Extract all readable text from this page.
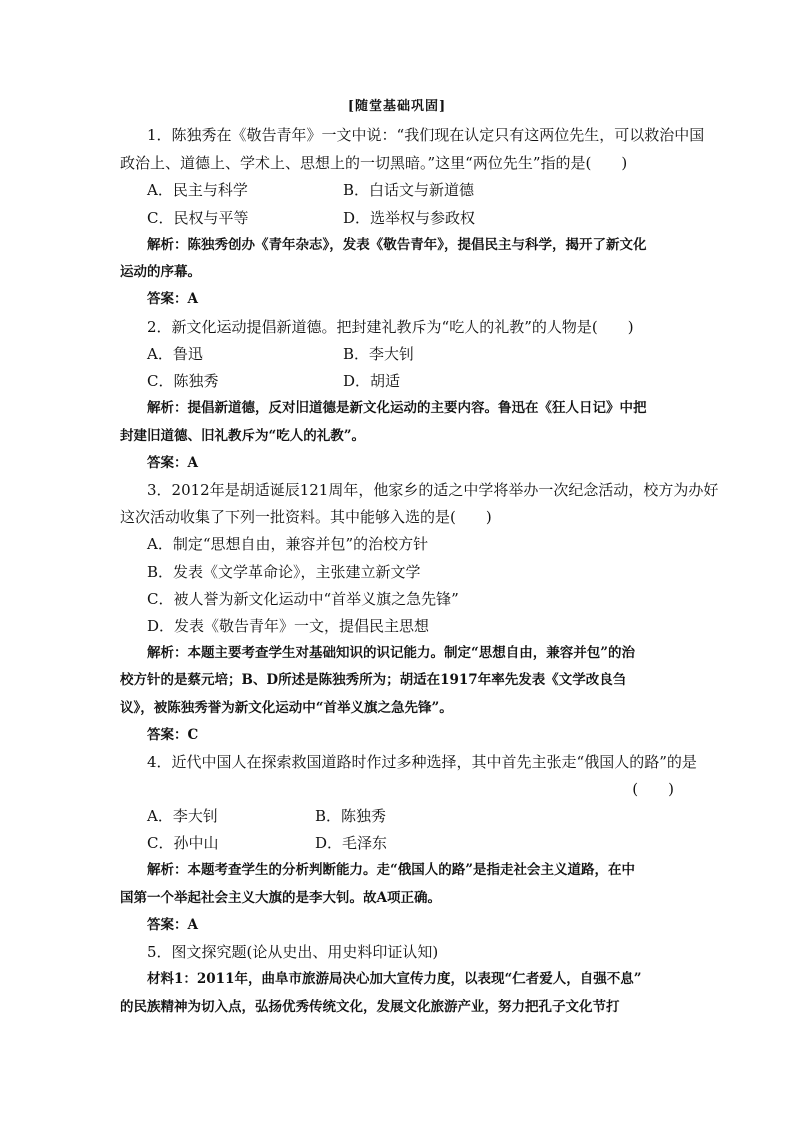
[随堂基础巩固]
1．陈独秀在《敬告青年》一文中说：“我们现在认定只有这两位先生，可以救治中国
政治上、道德上、学术上、思想上的一切黑暗。”这里“两位先生”指的是(　　)
A．民主与科学	B．白话文与新道德
C．民权与平等	D．选举权与参政权
解析：陈独秀创办《青年杂志》，发表《敬告青年》，提倡民主与科学，揭开了新文化
运动的序幕。
答案：A
2．新文化运动提倡新道德。把封建礼教斥为“吃人的礼教”的人物是(　　)
A．鲁迅	B．李大钊
C．陈独秀	D．胡适
解析：提倡新道德，反对旧道德是新文化运动的主要内容。鲁迅在《狂人日记》中把
封建旧道德、旧礼教斥为“吃人的礼教”。
答案：A
3．2012年是胡适诞辰121周年，他家乡的适之中学将举办一次纪念活动，校方为办好
这次活动收集了下列一批资料。其中能够入选的是(　　)
A．制定“思想自由，兼容并包”的治校方针
B．发表《文学革命论》，主张建立新文学
C．被人誉为新文化运动中“首举义旗之急先锋”
D．发表《敬告青年》一文，提倡民主思想
解析：本题主要考查学生对基础知识的识记能力。制定“思想自由，兼容并包”的治
校方针的是蔡元培；B、D所述是陈独秀所为；胡适在1917年率先发表《文学改良刍
议》，被陈独秀誉为新文化运动中“首举义旗之急先锋”。
答案：C
4．近代中国人在探索救国道路时作过多种选择，其中首先主张走“俄国人的路”的是
(　　)
A．李大钊	B．陈独秀
C．孙中山	D．毛泽东
解析：本题考查学生的分析判断能力。走“俄国人的路”是指走社会主义道路，在中
国第一个举起社会主义大旗的是李大钊。故A项正确。
答案：A
5．图文探究题(论从史出、用史料印证认知)
材料1：2011年，曲阜市旅游局决心加大宣传力度，以表现“仁者爱人，自强不息”
的民族精神为切入点，弘扬优秀传统文化，发展文化旅游产业，努力把孔子文化节打
